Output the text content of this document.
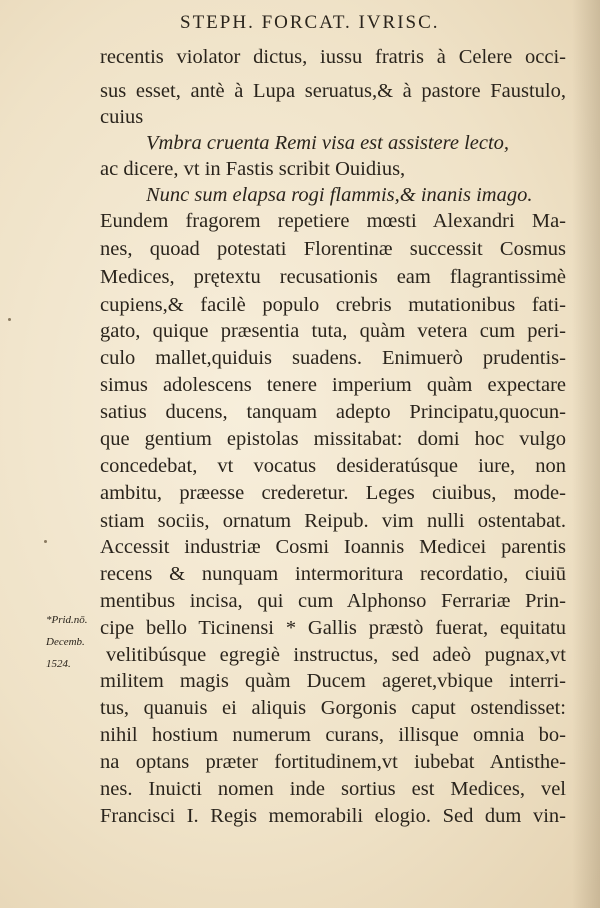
STEPH. FORCAT. IVRISC.
recentis violator dictus, iussu fratris à Celere occi-
sus esset, antè à Lupa seruatus,& à pastore Faustulo,
cuius
Vmbra cruenta Remi visa est assistere lecto,
ac dicere, vt in Fastis scribit Ouidius,
Nunc sum elapsa rogi flammis,& inanis imago.
Eundem fragorem repetiere mœsti Alexandri Ma-
nes, quoad potestati Florentinæ successit Cosmus
Medices, prętextu recusationis eam flagrantissimè
cupiens,& facilè populo crebris mutationibus fati-
gato, quique præsentia tuta, quàm vetera cum peri-
culo mallet,quiduis suadens. Enimuerò prudentis-
simus adolescens tenere imperium quàm expectare
satius ducens, tanquam adepto Principatu,quocun-
que gentium epistolas missitabat: domi hoc vulgo
concedebat, vt vocatus desideratúsque iure, non
ambitu, præesse crederetur. Leges ciuibus, mode-
stiam sociis, ornatum Reipub. vim nulli ostentabat.
Accessit industriæ Cosmi Ioannis Medicei parentis
recens & nunquam intermoritura recordatio, ciuiū
mentibus incisa, qui cum Alphonso Ferrariæ Prin-
cipe bello Ticinensi * Gallis præstò fuerat, equitatu
velitibúsque egregiè instructus, sed adeò pugnax,vt
militem magis quàm Ducem ageret,vbique interri-
tus, quanuis ei aliquis Gorgonis caput ostendisset:
nihil hostium numerum curans, illisque omnia bo-
na optans præter fortitudinem,vt iubebat Antisthe-
nes. Inuicti nomen inde sortius est Medices, vel
Francisci I. Regis memorabili elogio. Sed dum vin-
*Prid.nō.
Decemb.
1524.
